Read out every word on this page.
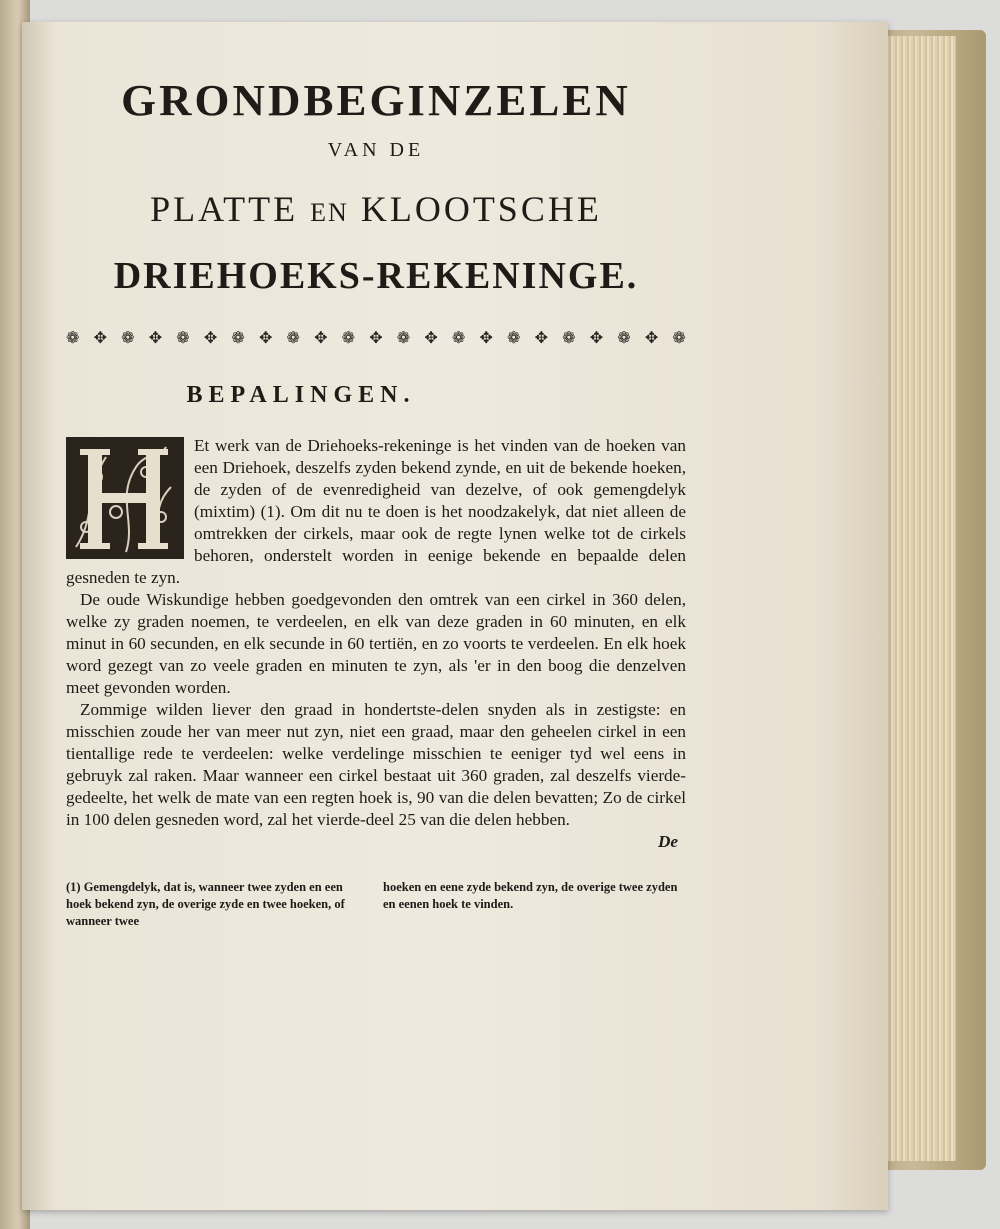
GRONDBEGINZELEN
VAN DE
PLATTE EN KLOOTSCHE
DRIEHOEKS-REKENINGE.
❁ ✥ ❁ ✥ ❁ ✥ ❁ ✥ ❁ ✥ ❁ ✥ ❁ ✥ ❁ ✥ ❁ ✥ ❁ ✥ ❁ ✥ ❁
BEPALINGEN.

Et werk van de Driehoeks-rekeninge is het vinden van de hoeken van een Driehoek, deszelfs zyden bekend zynde, en uit de bekende hoeken, de zyden of de evenredigheid van dezelve, of ook gemengdelyk (mixtim) (1). Om dit nu te doen is het noodzakelyk, dat niet alleen de omtrekken der cirkels, maar ook de regte lynen welke tot de cirkels behoren, onderstelt worden in eenige bekende en bepaalde delen gesneden te zyn.

De oude Wiskundige hebben goedgevonden den omtrek van een cirkel in 360 delen, welke zy graden noemen, te verdeelen, en elk van deze graden in 60 minuten, en elk minut in 60 secunden, en elk secunde in 60 tertiën, en zo voorts te verdeelen. En elk hoek word gezegt van zo veele graden en minuten te zyn, als 'er in den boog die denzelven meet gevonden worden.

Zommige wilden liever den graad in hondertste-delen snyden als in zestigste: en misschien zoude her van meer nut zyn, niet een graad, maar den geheelen cirkel in een tientallige rede te verdeelen: welke verdelinge misschien te eeniger tyd wel eens in gebruyk zal raken. Maar wanneer een cirkel bestaat uit 360 graden, zal deszelfs vierde-gedeelte, het welk de mate van een regten hoek is, 90 van die delen bevatten; Zo de cirkel in 100 delen gesneden word, zal het vierde-deel 25 van die delen hebben.

De
(1) Gemengdelyk, dat is, wanneer twee zyden en een hoek bekend zyn, de overige zyde en twee hoeken, of wanneer twee
hoeken en eene zyde bekend zyn, de overige twee zyden en eenen hoek te vinden.
